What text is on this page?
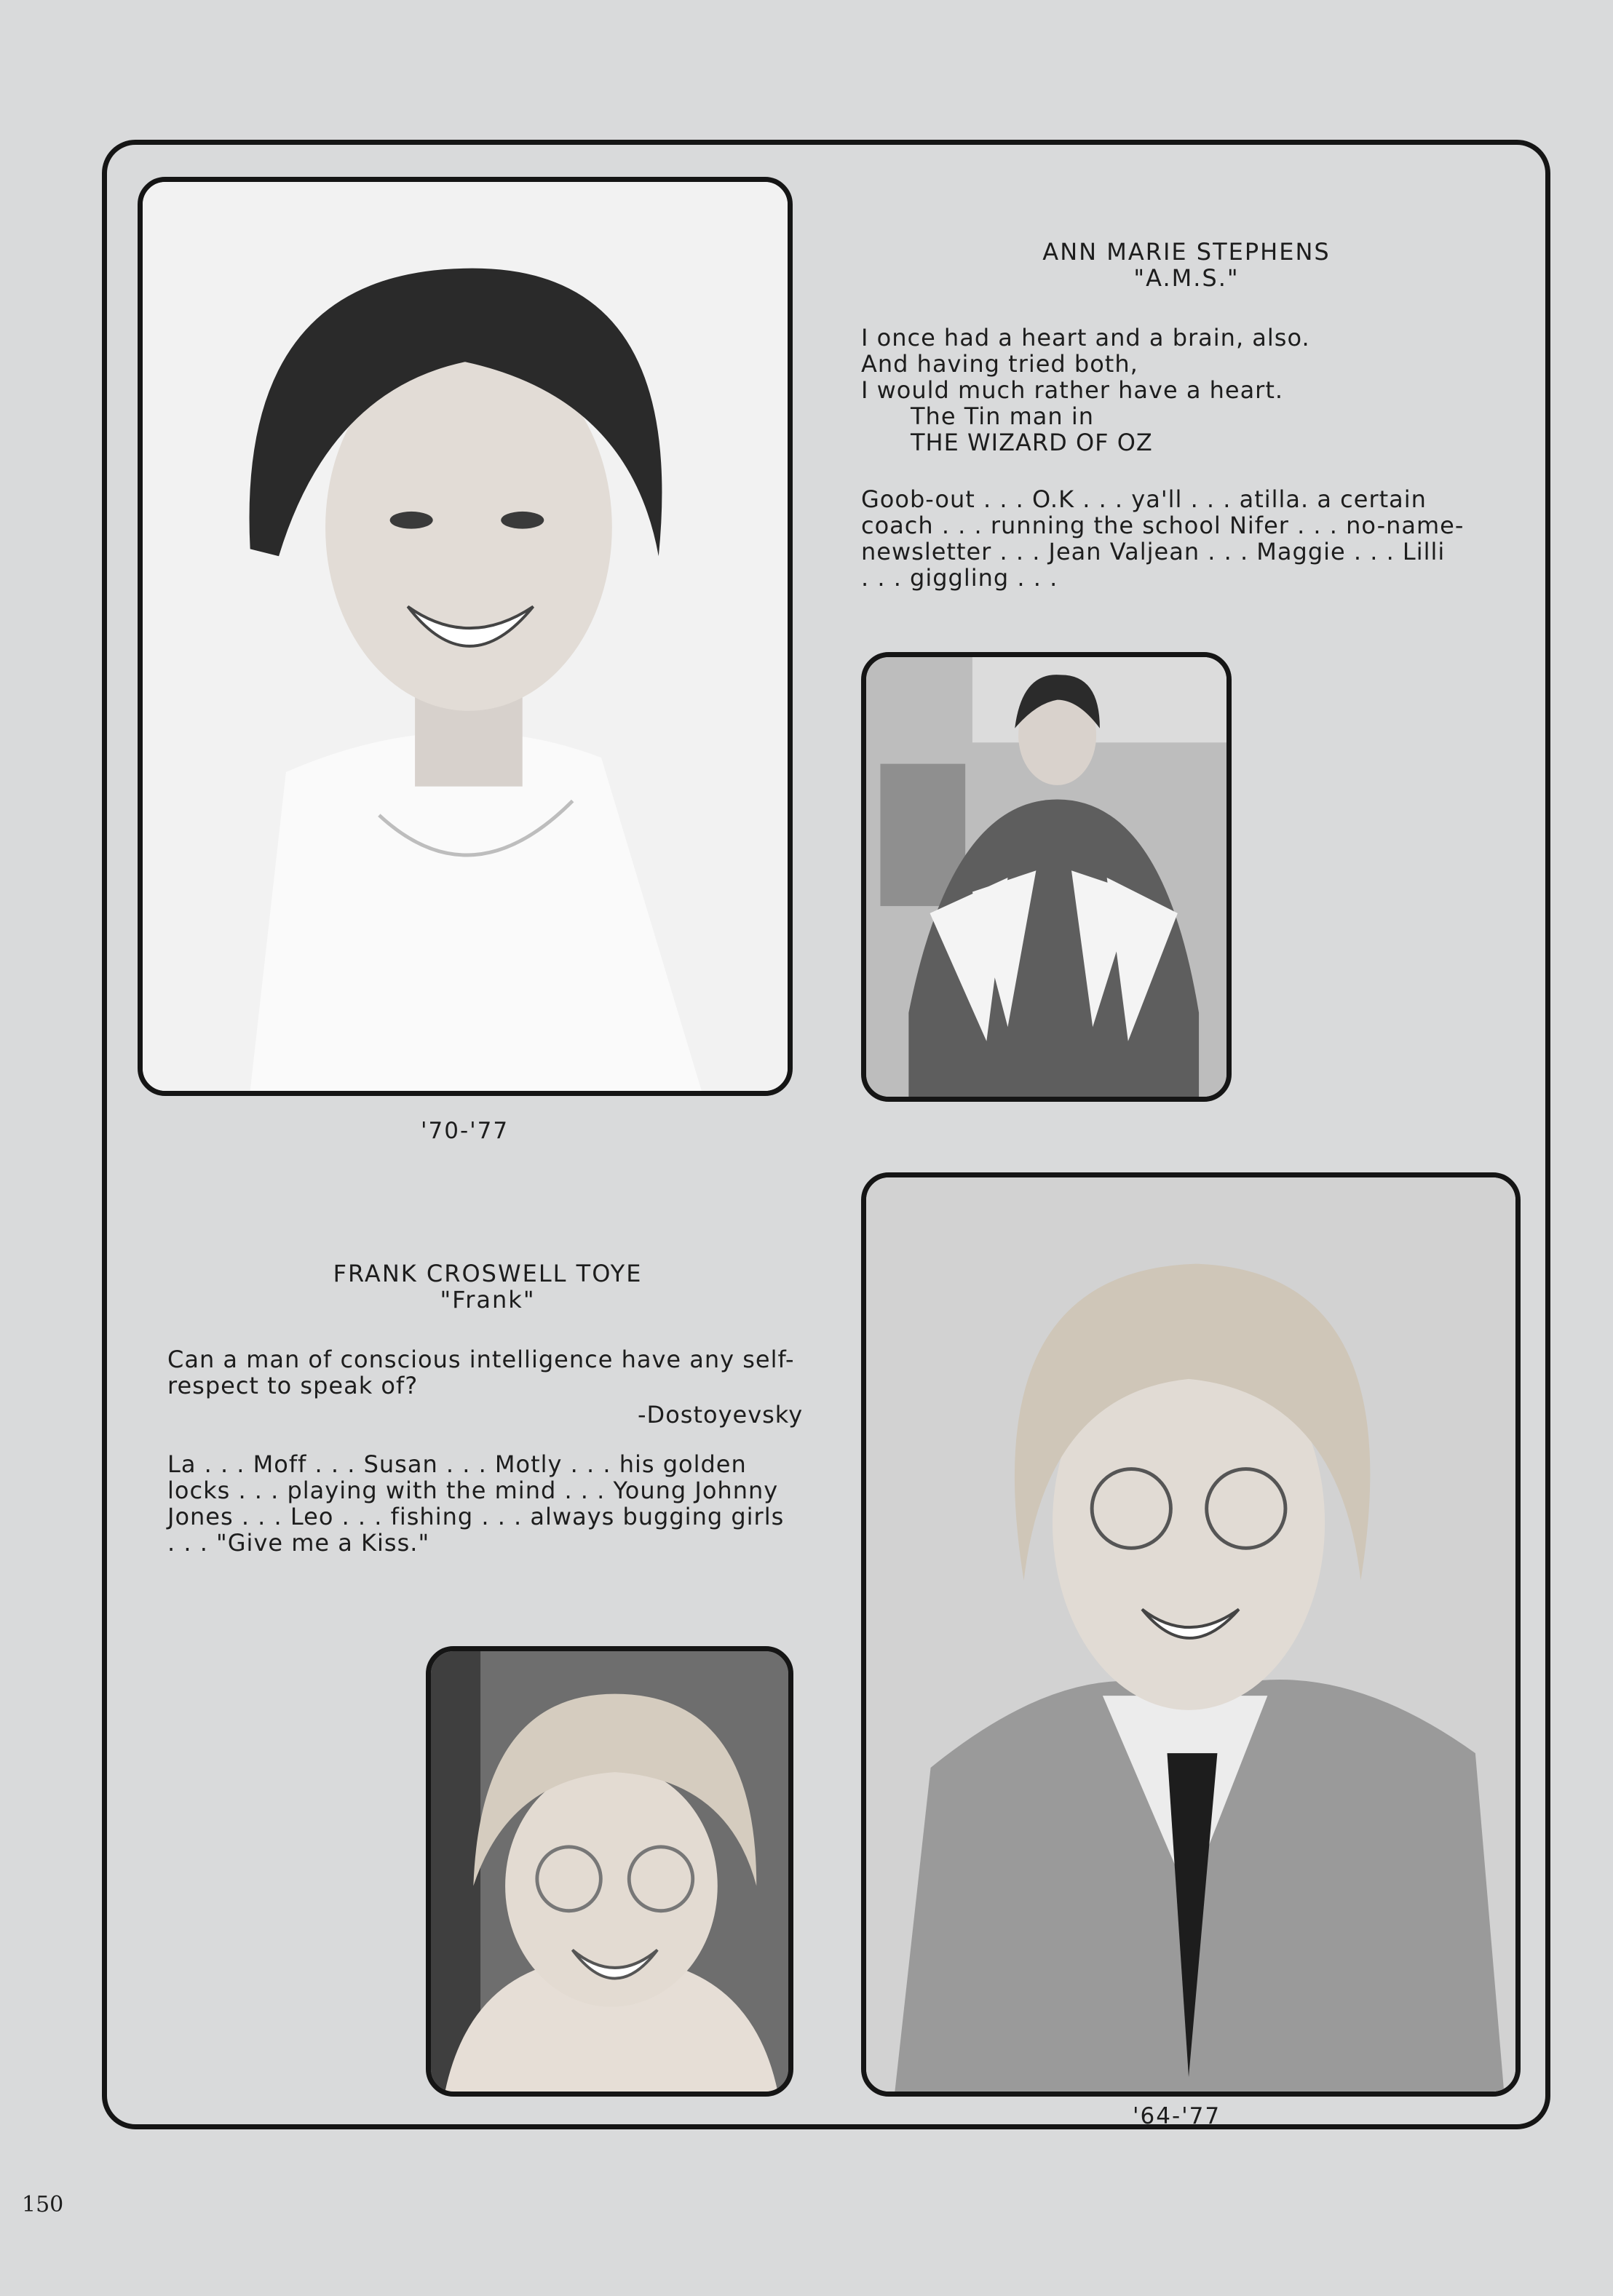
ANN MARIE STEPHENS
"A.M.S."
I once had a heart and a brain, also.
And having tried both,
I would much rather have a heart.
The Tin man in
THE WIZARD OF OZ
Goob-out . . . O.K . . . ya'll . . . atilla. a certain
coach . . . running the school Nifer . . . no-name-
newsletter . . . Jean Valjean . . . Maggie . . . Lilli
. . . giggling . . .
'70-'77
FRANK CROSWELL TOYE
"Frank"
Can a man of conscious intelligence have any self-
respect to speak of?
-Dostoyevsky
La . . . Moff . . . Susan . . . Motly . . . his golden
locks . . . playing with the mind . . . Young Johnny
Jones . . . Leo . . . fishing . . . always bugging girls
. . . "Give me a Kiss."
'64-'77
150
